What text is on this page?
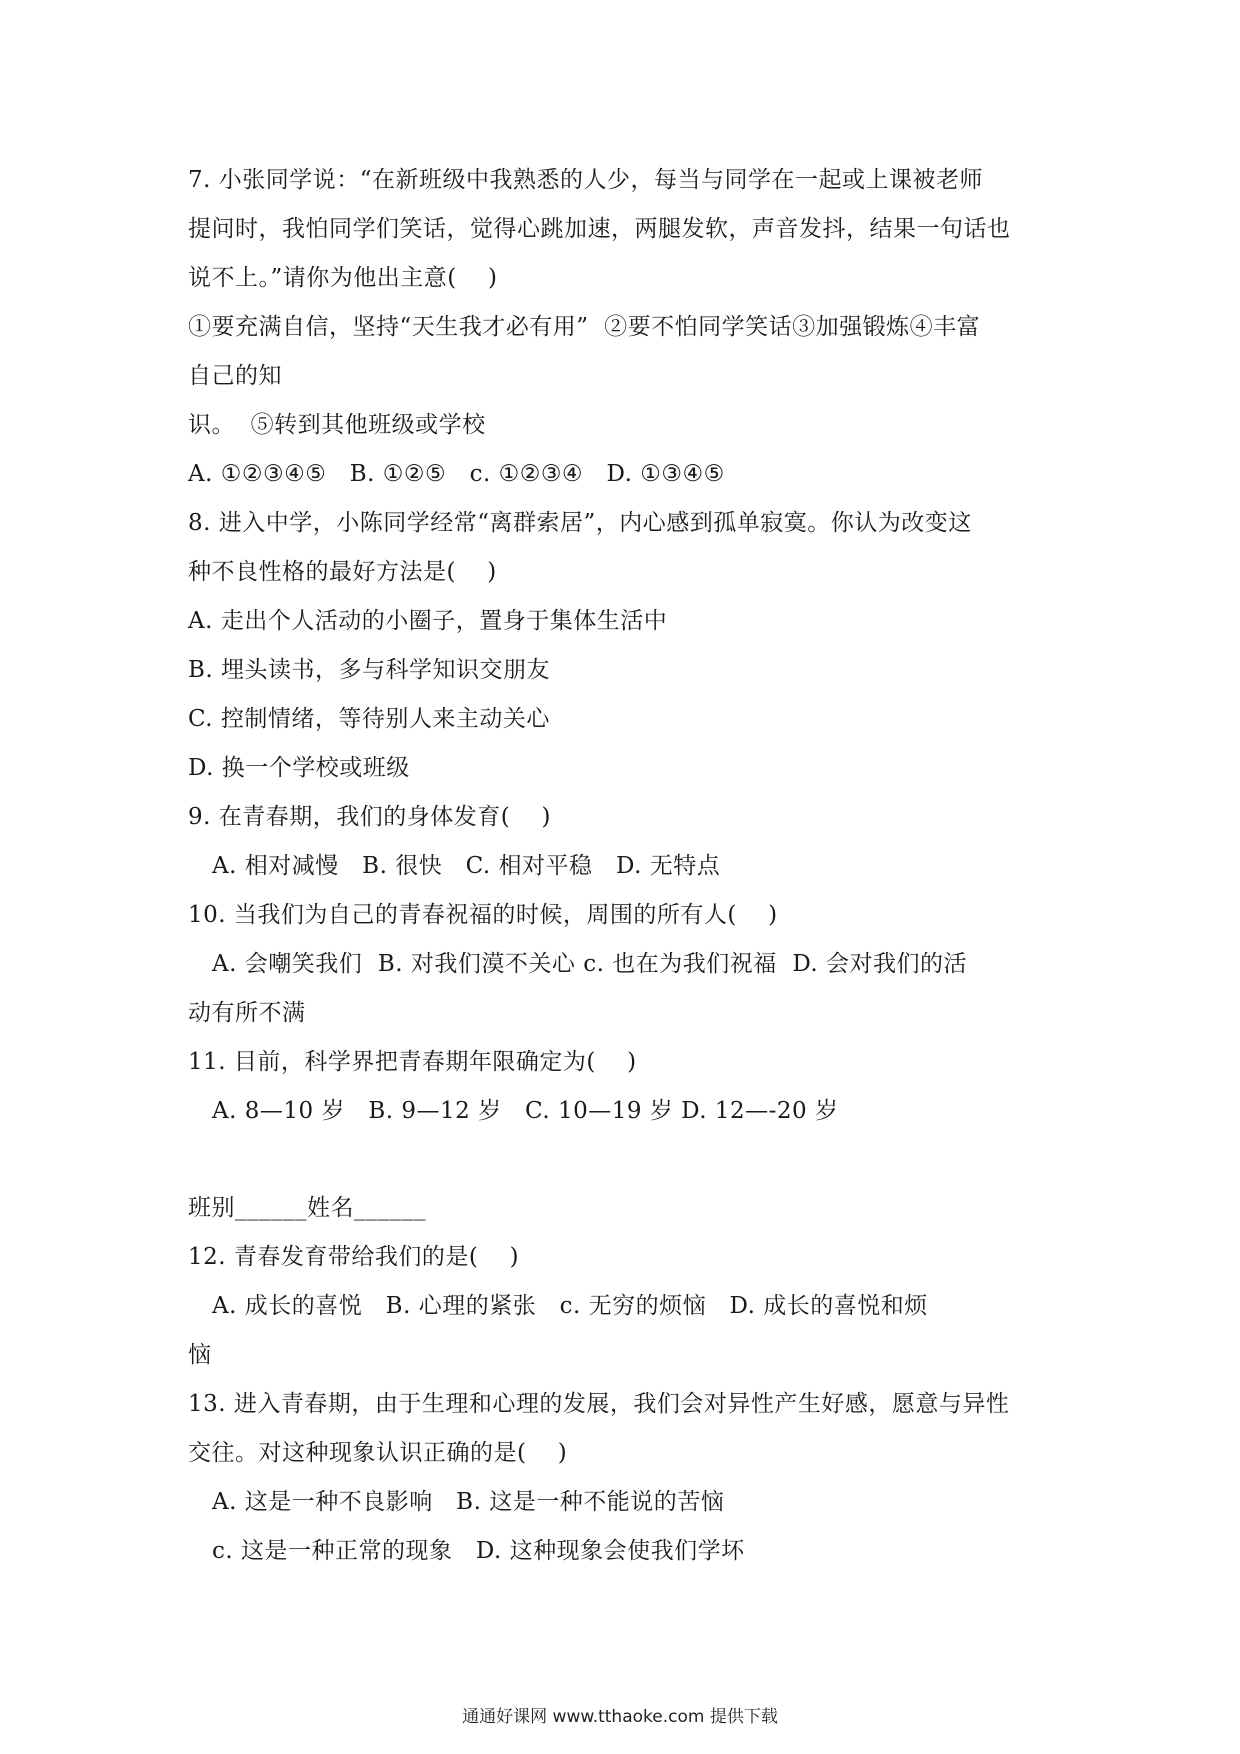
7. 小张同学说：“在新班级中我熟悉的人少，每当与同学在一起或上课被老师
提问时，我怕同学们笑话，觉得心跳加速，两腿发软，声音发抖，结果一句话也
说不上。”请你为他出主意(    )
①要充满自信，坚持“天生我才必有用”  ②要不怕同学笑话③加强锻炼④丰富
自己的知
识。  ⑤转到其他班级或学校
A. ①②③④⑤   B. ①②⑤   c. ①②③④   D. ①③④⑤
8. 进入中学，小陈同学经常“离群索居”，内心感到孤单寂寞。你认为改变这
种不良性格的最好方法是(    )
A. 走出个人活动的小圈子，置身于集体生活中
B. 埋头读书，多与科学知识交朋友
C. 控制情绪，等待别人来主动关心
D. 换一个学校或班级
9. 在青春期，我们的身体发育(    )
A. 相对减慢   B. 很快   C. 相对平稳   D. 无特点
10. 当我们为自己的青春祝福的时候，周围的所有人(    )
A. 会嘲笑我们  B. 对我们漠不关心 c. 也在为我们祝福  D. 会对我们的活
动有所不满
11. 目前，科学界把青春期年限确定为(    )
A. 8—10 岁   B. 9—12 岁   C. 10—19 岁 D. 12—-20 岁
班别______姓名______
12. 青春发育带给我们的是(    )
A. 成长的喜悦   B. 心理的紧张   c. 无穷的烦恼   D. 成长的喜悦和烦
恼
13. 进入青春期，由于生理和心理的发展，我们会对异性产生好感，愿意与异性
交往。对这种现象认识正确的是(    )
A. 这是一种不良影响   B. 这是一种不能说的苦恼
c. 这是一种正常的现象   D. 这种现象会使我们学坏
通通好课网 www.tthaoke.com 提供下载
